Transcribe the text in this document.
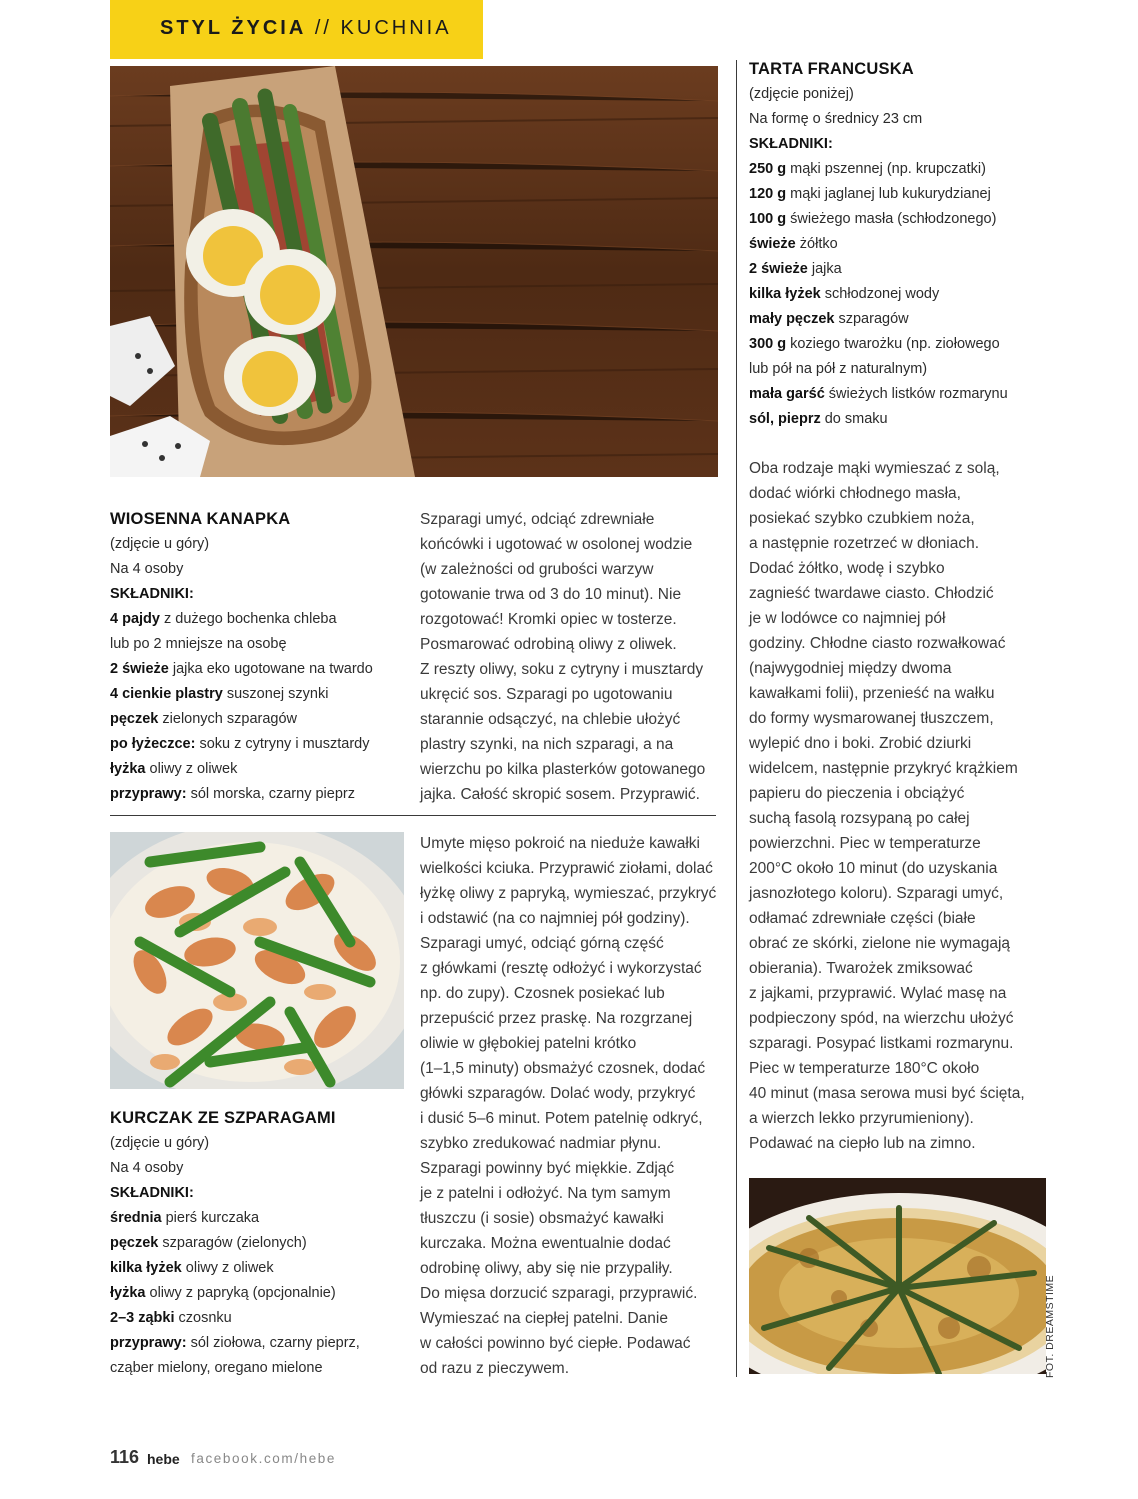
STYL ŻYCIA // KUCHNIA
WIOSENNA KANAPKA
(zdjęcie u góry)
Na 4 osoby
SKŁADNIKI:
4 pajdy z dużego bochenka chleba
lub po 2 mniejsze na osobę
2 świeże jajka eko ugotowane na twardo
4 cienkie plastry suszonej szynki
pęczek zielonych szparagów
po łyżeczce: soku z cytryny i musztardy
łyżka oliwy z oliwek
przyprawy: sól morska, czarny pieprz
Szparagi umyć, odciąć zdrewniałe
końcówki i ugotować w osolonej wodzie
(w zależności od grubości warzyw
gotowanie trwa od 3 do 10 minut). Nie
rozgotować! Kromki opiec w tosterze.
Posmarować odrobiną oliwy z oliwek.
Z reszty oliwy, soku z cytryny i musztardy
ukręcić sos. Szparagi po ugotowaniu
starannie odsączyć, na chlebie ułożyć
plastry szynki, na nich szparagi, a na
wierzchu po kilka plasterków gotowanego
jajka. Całość skropić sosem. Przyprawić.
KURCZAK ZE SZPARAGAMI
(zdjęcie u góry)
Na 4 osoby
SKŁADNIKI:
średnia pierś kurczaka
pęczek szparagów (zielonych)
kilka łyżek oliwy z oliwek
łyżka oliwy z papryką (opcjonalnie)
2–3 ząbki czosnku
przyprawy: sól ziołowa, czarny pieprz,
cząber mielony, oregano mielone
Umyte mięso pokroić na nieduże kawałki
wielkości kciuka. Przyprawić ziołami, dolać
łyżkę oliwy z papryką, wymieszać, przykryć
i odstawić (na co najmniej pół godziny).
Szparagi umyć, odciąć górną część
z główkami (resztę odłożyć i wykorzystać
np. do zupy). Czosnek posiekać lub
przepuścić przez praskę. Na rozgrzanej
oliwie w głębokiej patelni krótko
(1–1,5 minuty) obsmażyć czosnek, dodać
główki szparagów. Dolać wody, przykryć
i dusić 5–6 minut. Potem patelnię odkryć,
szybko zredukować nadmiar płynu.
Szparagi powinny być miękkie. Zdjąć
je z patelni i odłożyć. Na tym samym
tłuszczu (i sosie) obsmażyć kawałki
kurczaka. Można ewentualnie dodać
odrobinę oliwy, aby się nie przypaliły.
Do mięsa dorzucić szparagi, przyprawić.
Wymieszać na ciepłej patelni. Danie
w całości powinno być ciepłe. Podawać
od razu z pieczywem.
TARTA FRANCUSKA
(zdjęcie poniżej)
Na formę o średnicy 23 cm
SKŁADNIKI:
250 g mąki pszennej (np. krupczatki)
120 g mąki jaglanej lub kukurydzianej
100 g świeżego masła (schłodzonego)
świeże żółtko
2 świeże jajka
kilka łyżek schłodzonej wody
mały pęczek szparagów
300 g koziego twarożku (np. ziołowego
lub pół na pół z naturalnym)
mała garść świeżych listków rozmarynu
sól, pieprz do smaku
Oba rodzaje mąki wymieszać z solą,
dodać wiórki chłodnego masła,
posiekać szybko czubkiem noża,
a następnie rozetrzeć w dłoniach.
Dodać żółtko, wodę i szybko
zagnieść twardawe ciasto. Chłodzić
je w lodówce co najmniej pół
godziny. Chłodne ciasto rozwałkować
(najwygodniej między dwoma
kawałkami folii), przenieść na wałku
do formy wysmarowanej tłuszczem,
wylepić dno i boki. Zrobić dziurki
widelcem, następnie przykryć krążkiem
papieru do pieczenia i obciążyć
suchą fasolą rozsypaną po całej
powierzchni. Piec w temperaturze
200°C około 10 minut (do uzyskania
jasnozłotego koloru). Szparagi umyć,
odłamać zdrewniałe części (białe
obrać ze skórki, zielone nie wymagają
obierania). Twarożek zmiksować
z jajkami, przyprawić. Wylać masę na
podpieczony spód, na wierzchu ułożyć
szparagi. Posypać listkami rozmarynu.
Piec w temperaturze 180°C około
40 minut (masa serowa musi być ścięta,
a wierzch lekko przyrumieniony).
Podawać na ciepło lub na zimno.
FOT. DREAMSTIME
116 hebe facebook.com/hebe
